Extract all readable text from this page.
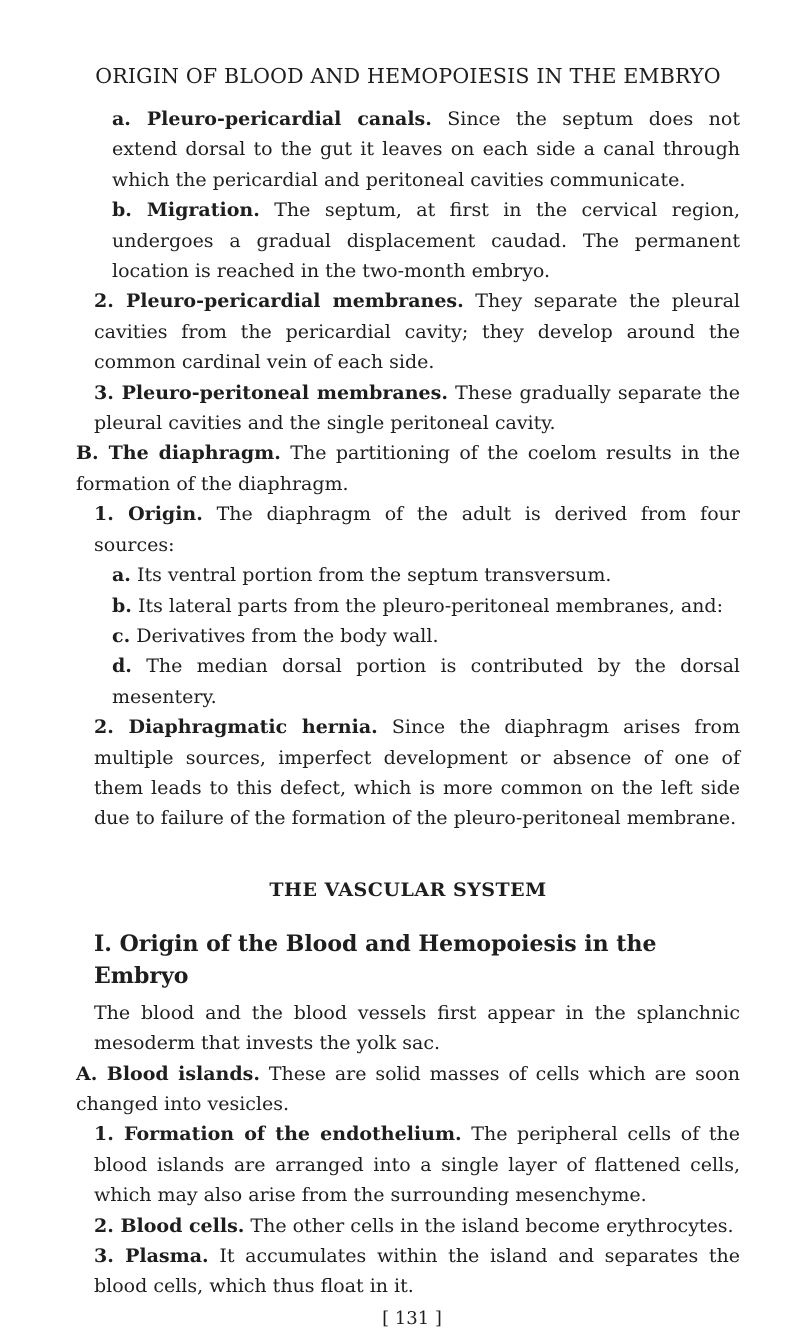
ORIGIN OF BLOOD AND HEMOPOIESIS IN THE EMBRYO

a. Pleuro-pericardial canals. Since the septum does not extend dorsal to the gut it leaves on each side a canal through which the pericardial and peritoneal cavities communicate.

b. Migration. The septum, at first in the cervical region, undergoes a gradual displacement caudad. The permanent location is reached in the two-month embryo.

2. Pleuro-pericardial membranes. They separate the pleural cavities from the pericardial cavity; they develop around the common cardinal vein of each side.

3. Pleuro-peritoneal membranes. These gradually separate the pleural cavities and the single peritoneal cavity.

B. The diaphragm. The partitioning of the coelom results in the formation of the diaphragm.

1. Origin. The diaphragm of the adult is derived from four sources:

a. Its ventral portion from the septum transversum.

b. Its lateral parts from the pleuro-peritoneal membranes, and:

c. Derivatives from the body wall.

d. The median dorsal portion is contributed by the dorsal mesentery.

2. Diaphragmatic hernia. Since the diaphragm arises from multiple sources, imperfect development or absence of one of them leads to this defect, which is more common on the left side due to failure of the formation of the pleuro-peritoneal membrane.

THE VASCULAR SYSTEM
I. Origin of the Blood and Hemopoiesis in the Embryo

The blood and the blood vessels first appear in the splanchnic mesoderm that invests the yolk sac.

A. Blood islands. These are solid masses of cells which are soon changed into vesicles.

1. Formation of the endothelium. The peripheral cells of the blood islands are arranged into a single layer of flattened cells, which may also arise from the surrounding mesenchyme.

2. Blood cells. The other cells in the island become erythrocytes.

3. Plasma. It accumulates within the island and separates the blood cells, which thus float in it.

[ 131 ]
